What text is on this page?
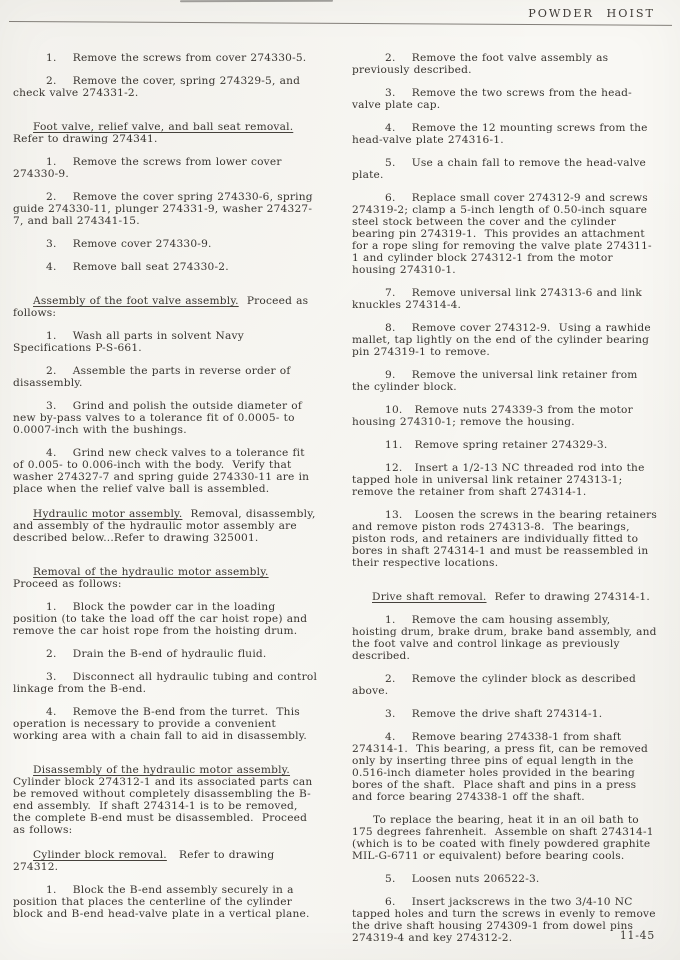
POWDER HOIST

1.    Remove the screws from cover 274330-5.

2.    Remove the cover, spring 274329-5, and check valve 274331-2.

Foot valve, relief valve, and ball seat removal.  Refer to drawing 274341.

1.    Remove the screws from lower cover 274330-9.

2.    Remove the cover spring 274330-6, spring guide 274330-11, plunger 274331-9, washer 274327-7, and ball 274341-15.

3.    Remove cover 274330-9.

4.    Remove ball seat 274330-2.

Assembly of the foot valve assembly.  Proceed as follows:

1.    Wash all parts in solvent Navy Specifications P-S-661.

2.    Assemble the parts in reverse order of disassembly.

3.    Grind and polish the outside diameter of new by-pass valves to a tolerance fit of 0.0005- to 0.0007-inch with the bushings.

4.    Grind new check valves to a tolerance fit of 0.005- to 0.006-inch with the body.  Verify that washer 274327-7 and spring guide 274330-11 are in place when the relief valve ball is assembled.

Hydraulic motor assembly.  Removal, disassembly, and assembly of the hydraulic motor assembly are described below...Refer to drawing 325001.

Removal of the hydraulic motor assembly.  Proceed as follows:

1.    Block the powder car in the loading position (to take the load off the car hoist rope) and remove the car hoist rope from the hoisting drum.

2.    Drain the B-end of hydraulic fluid.

3.    Disconnect all hydraulic tubing and control linkage from the B-end.

4.    Remove the B-end from the turret.  This operation is necessary to provide a convenient working area with a chain fall to aid in disassembly.

Disassembly of the hydraulic motor assembly.  Cylinder block 274312-1 and its associated parts can be removed without completely disassembling the B-end assembly.  If shaft 274314-1 is to be removed, the complete B-end must be disassembled.  Proceed as follows:

Cylinder block removal.   Refer to drawing 274312.

1.    Block the B-end assembly securely in a position that places the centerline of the cylinder block and B-end head-valve plate in a vertical plane.

2.    Remove the foot valve assembly as previously described.

3.    Remove the two screws from the head-valve plate cap.

4.    Remove the 12 mounting screws from the head-valve plate 274316-1.

5.    Use a chain fall to remove the head-valve plate.

6.    Replace small cover 274312-9 and screws 274319-2; clamp a 5-inch length of 0.50-inch square steel stock between the cover and the cylinder bearing pin 274319-1.  This provides an attachment for a rope sling for removing the valve plate 274311-1 and cylinder block 274312-1 from the motor housing 274310-1.

7.    Remove universal link 274313-6 and link knuckles 274314-4.

8.    Remove cover 274312-9.  Using a rawhide mallet, tap lightly on the end of the cylinder bearing pin 274319-1 to remove.

9.    Remove the universal link retainer from the cylinder block.

10.   Remove nuts 274339-3 from the motor housing 274310-1; remove the housing.

11.   Remove spring retainer 274329-3.

12.   Insert a 1/2-13 NC threaded rod into the tapped hole in universal link retainer 274313-1; remove the retainer from shaft 274314-1.

13.   Loosen the screws in the bearing retainers and remove piston rods 274313-8.  The bearings, piston rods, and retainers are individually fitted to bores in shaft 274314-1 and must be reassembled in their respective locations.

Drive shaft removal.  Refer to drawing 274314-1.

1.    Remove the cam housing assembly, hoisting drum, brake drum, brake band assembly, and the foot valve and control linkage as previously described.

2.    Remove the cylinder block as described above.

3.    Remove the drive shaft 274314-1.

4.    Remove bearing 274338-1 from shaft 274314-1.  This bearing, a press fit, can be removed only by inserting three pins of equal length in the 0.516-inch diameter holes provided in the bearing bores of the shaft.  Place shaft and pins in a press and force bearing 274338-1 off the shaft.

To replace the bearing, heat it in an oil bath to 175 degrees fahrenheit.  Assemble on shaft 274314-1 (which is to be coated with finely powdered graphite MIL-G-6711 or equivalent) before bearing cools.

5.    Loosen nuts 206522-3.

6.    Insert jackscrews in the two 3/4-10 NC tapped holes and turn the screws in evenly to remove the drive shaft housing 274309-1 from dowel pins 274319-4 and key 274312-2.	11-45
